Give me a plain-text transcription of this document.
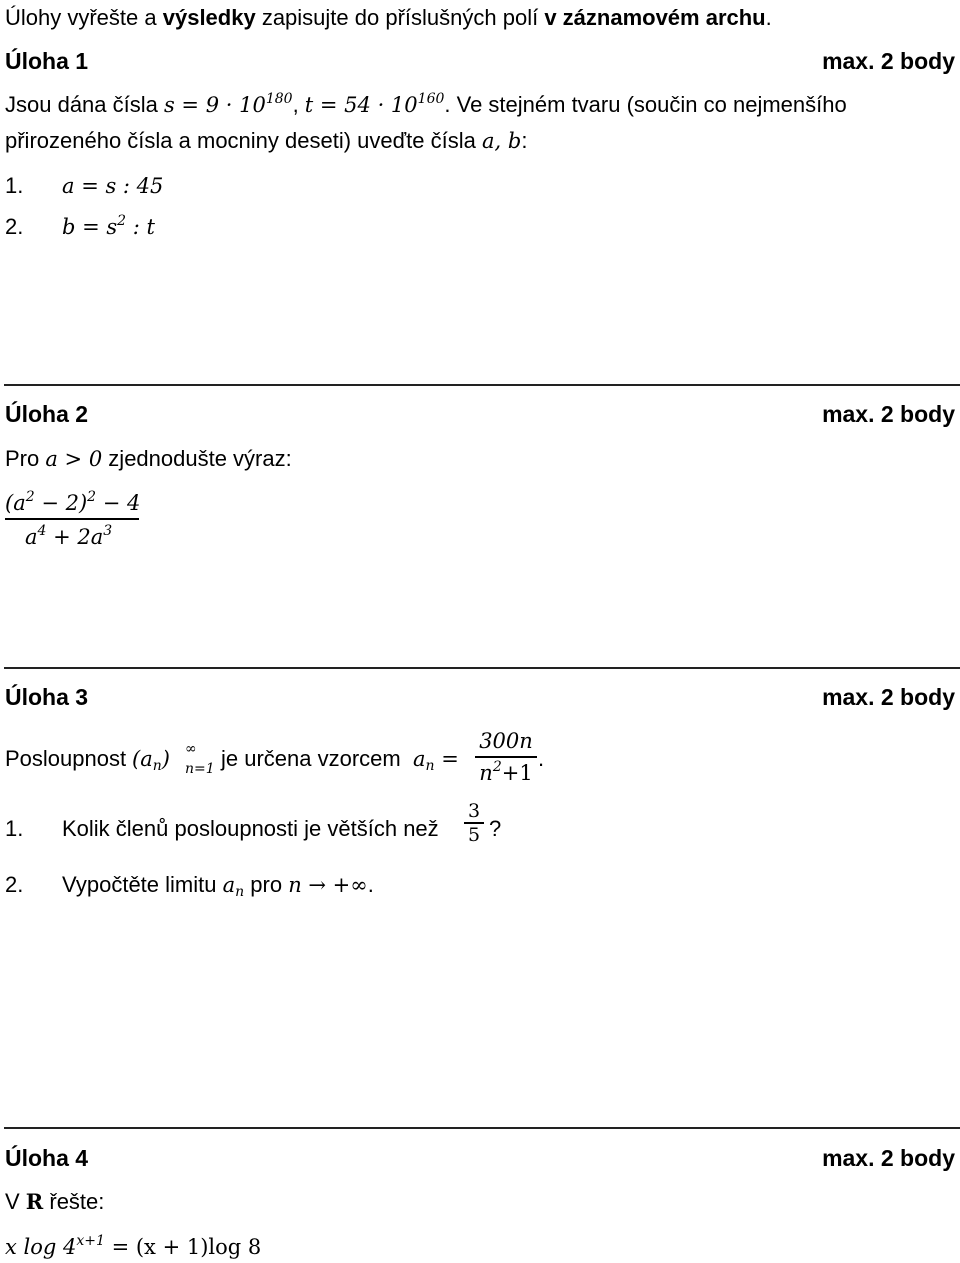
Úlohy vyřešte a výsledky zapisujte do příslušných polí v záznamovém archu.
Úloha 1	max. 2 body
Jsou dána čísla $s = 9 \cdot 10^{180}$, $t = 54 \cdot 10^{160}$. Ve stejném tvaru (součin co nejmenšího
přirozeného čísla a mocniny deseti) uveďte čísla a, b:
1. a = s : 45
2. $b = s^2$ : t
Úloha 2	max. 2 body
Pro a > 0 zjednodušte výraz:
$\frac{(a^2 - 2)^2 - 4}{a^4 + 2a^3}$
Úloha 3	max. 2 body
Posloupnost $(a_n)$ ∞
n=1 je určena vzorcem $a_n = \frac{300n}{n^2+1}$ .
1. Kolik členů posloupnosti je větších než $\frac{3}{5}$ ?
2. Vypočtěte limitu $a_n$ pro n → +∞.
Úloha 4	max. 2 body
V R řešte:
x $\log 4^{x+1} = (x + 1)\log$ 8
